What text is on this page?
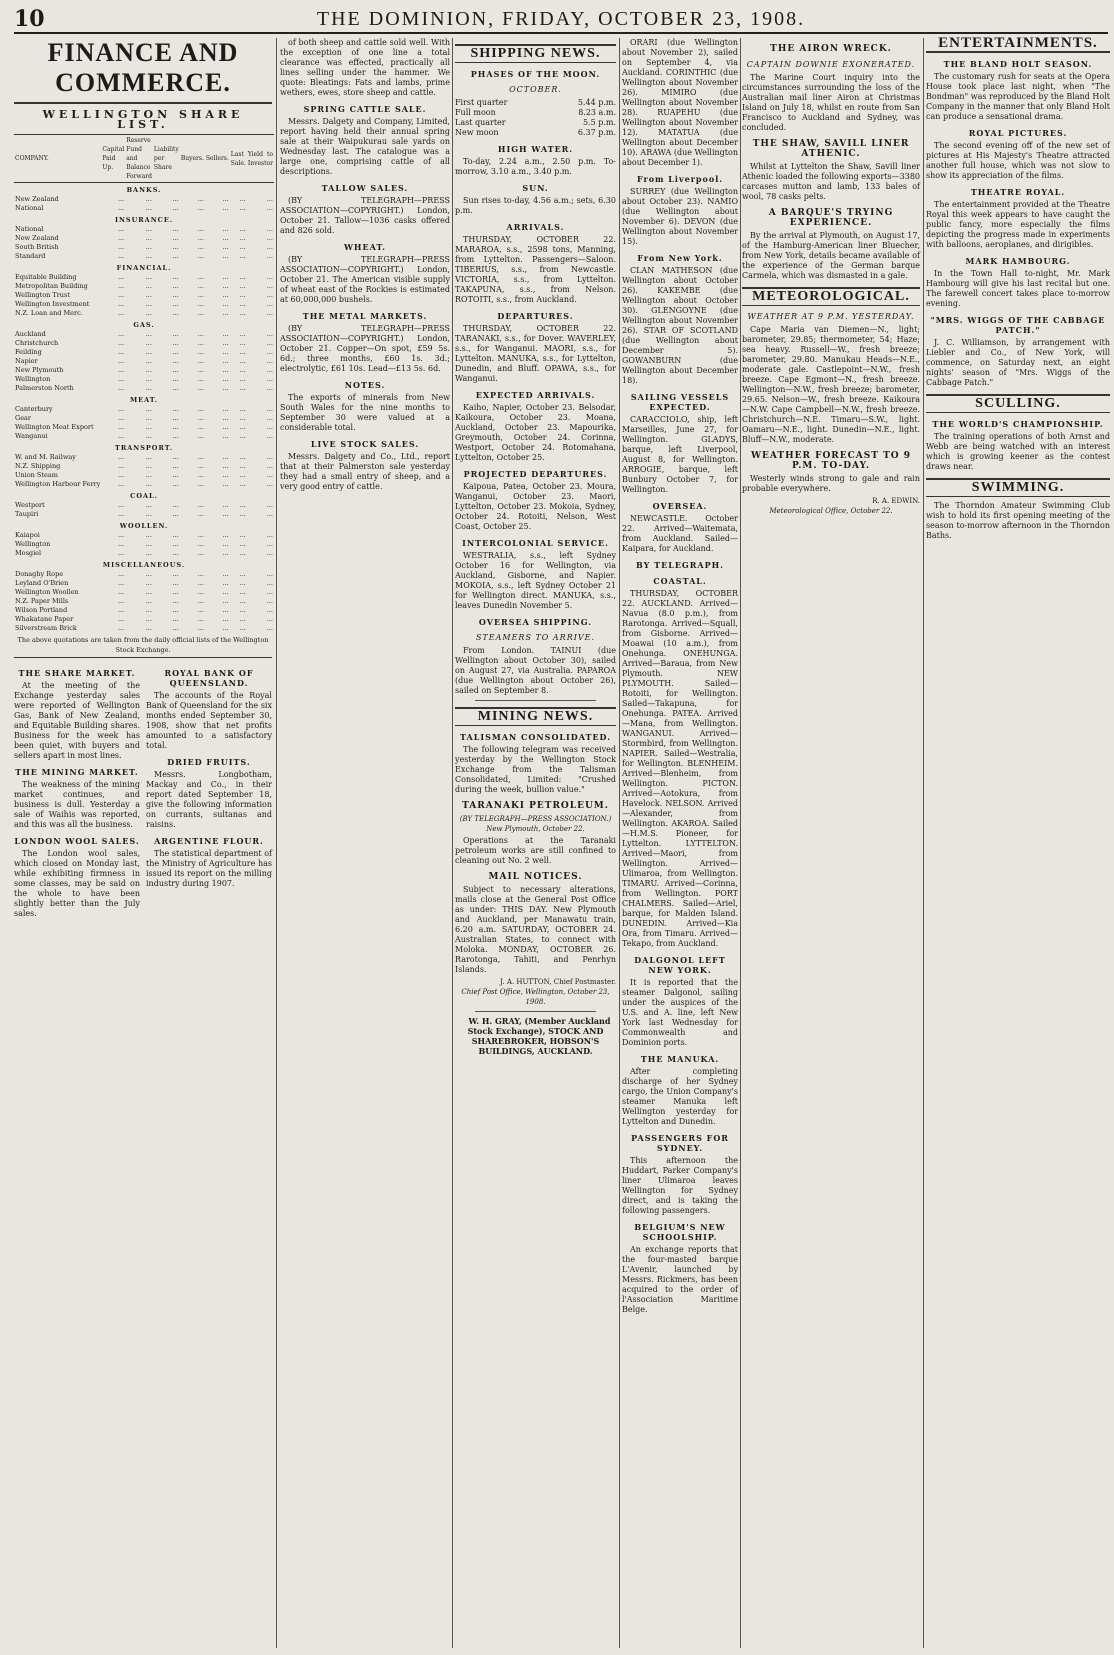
10	THE DOMINION, FRIDAY, OCTOBER 23, 1908.
FINANCE AND COMMERCE.
WELLINGTON SHARE LIST.
COMPANY.	Capital Paid Up.	Reserve Fund and Balance Forward	Liability per Share	Buyers.	Sellers.	Last Sale.	Yield to Investor
BANKS.							
New Zealand	...	...	...	...	...	...	...
National	...	...	...	...	...	...	...
INSURANCE.							
National	...	...	...	...	...	...	...
New Zealand	...	...	...	...	...	...	...
South British	...	...	...	...	...	...	...
Standard	...	...	...	...	...	...	...
FINANCIAL.							
Equitable Building	...	...	...	...	...	...	...
Metropolitan Building	...	...	...	...	...	...	...
Wellington Trust	...	...	...	...	...	...	...
Wellington Investment	...	...	...	...	...	...	...
N.Z. Loan and Merc.	...	...	...	...	...	...	...
GAS.							
Auckland	...	...	...	...	...	...	...
Christchurch	...	...	...	...	...	...	...
Feilding	...	...	...	...	...	...	...
Napier	...	...	...	...	...	...	...
New Plymouth	...	...	...	...	...	...	...
Wellington	...	...	...	...	...	...	...
Palmerston North	...	...	...	...	...	...	...
MEAT.							
Canterbury	...	...	...	...	...	...	...
Gear	...	...	...	...	...	...	...
Wellington Meat Export	...	...	...	...	...	...	...
Wanganui	...	...	...	...	...	...	...
TRANSPORT.							
W. and M. Railway	...	...	...	...	...	...	...
N.Z. Shipping	...	...	...	...	...	...	...
Union Steam	...	...	...	...	...	...	...
Wellington Harbour Ferry	...	...	...	...	...	...	...
COAL.							
Westport	...	...	...	...	...	...	...
Taupiri	...	...	...	...	...	...	...
WOOLLEN.							
Kaiapoi	...	...	...	...	...	...	...
Wellington	...	...	...	...	...	...	...
Mosgiel	...	...	...	...	...	...	...
MISCELLANEOUS.							
Donaghy Rope	...	...	...	...	...	...	...
Leyland O'Brien	...	...	...	...	...	...	...
Wellington Woollen	...	...	...	...	...	...	...
N.Z. Paper Mills	...	...	...	...	...	...	...
Wilson Portland	...	...	...	...	...	...	...
Whakatane Paper	...	...	...	...	...	...	...
Silverstream Brick	...	...	...	...	...	...	...
The above quotations are taken from the daily official lists of the Wellington Stock Exchange.
THE SHARE MARKET.
At the meeting of the Exchange yesterday sales were reported of Wellington Gas, Bank of New Zealand, and Equitable Building shares. Business for the week has been quiet, with buyers and sellers apart in most lines.
THE MINING MARKET.
The weakness of the mining market continues, and business is dull. Yesterday a sale of Waihis was reported, and this was all the business.
LONDON WOOL SALES.
The London wool sales, which closed on Monday last, while exhibiting firmness in some classes, may be said on the whole to have been slightly better than the July sales.
ROYAL BANK OF QUEENSLAND.
The accounts of the Royal Bank of Queensland for the six months ended September 30, 1908, show that net profits amounted to a satisfactory total.
DRIED FRUITS.
Messrs. Longbotham, Mackay and Co., in their report dated September 18, give the following information on currants, sultanas and raisins.
ARGENTINE FLOUR.
The statistical department of the Ministry of Agriculture has issued its report on the milling industry during 1907.
of both sheep and cattle sold well. With the exception of one line a total clearance was effected, practically all lines selling under the hammer. We quote: Bleatings: Fats and lambs, prime wethers, ewes, store sheep and cattle.
SPRING CATTLE SALE.
Messrs. Dalgety and Company, Limited, report having held their annual spring sale at their Waipukurau sale yards on Wednesday last. The catalogue was a large one, comprising cattle of all descriptions.
TALLOW SALES.
(BY TELEGRAPH—PRESS ASSOCIATION—COPYRIGHT.) London, October 21. Tallow—1036 casks offered and 826 sold.
WHEAT.
(BY TELEGRAPH—PRESS ASSOCIATION—COPYRIGHT.) London, October 21. The American visible supply of wheat east of the Rockies is estimated at 60,000,000 bushels.
THE METAL MARKETS.
(BY TELEGRAPH—PRESS ASSOCIATION—COPYRIGHT.) London, October 21. Copper—On spot, £59 5s. 6d.; three months, £60 1s. 3d.; electrolytic, £61 10s. Lead—£13 5s. 6d.
NOTES.
The exports of minerals from New South Wales for the nine months to September 30 were valued at a considerable total.
LIVE STOCK SALES.
Messrs. Dalgety and Co., Ltd., report that at their Palmerston sale yesterday they had a small entry of sheep, and a very good entry of cattle.
SHIPPING NEWS.
PHASES OF THE MOON.
OCTOBER.
First quarter	5.44 p.m.
Full moon	8.23 a.m.
Last quarter	5.5 p.m.
New moon	6.37 p.m.
HIGH WATER.
To-day, 2.24 a.m., 2.50 p.m. To-morrow, 3.10 a.m., 3.40 p.m.
SUN.
Sun rises to-day, 4.56 a.m.; sets, 6.30 p.m.
ARRIVALS.
THURSDAY, OCTOBER 22. MARAROA, s.s., 2598 tons, Manning, from Lyttelton. Passengers—Saloon. TIBERIUS, s.s., from Newcastle. VICTORIA, s.s., from Lyttelton. TAKAPUNA, s.s., from Nelson. ROTOITI, s.s., from Auckland.
DEPARTURES.
THURSDAY, OCTOBER 22. TARANAKI, s.s., for Dover. WAVERLEY, s.s., for Wanganui. MAORI, s.s., for Lyttelton. MANUKA, s.s., for Lyttelton, Dunedin, and Bluff. OPAWA, s.s., for Wanganui.
EXPECTED ARRIVALS.
Kaiho, Napier, October 23. Belsodar, Kaikoura, October 23. Moana, Auckland, October 23. Mapourika, Greymouth, October 24. Corinna, Westport, October 24. Rotomahana, Lyttelton, October 25.
PROJECTED DEPARTURES.
Kaipoua, Patea, October 23. Moura, Wanganui, October 23. Maori, Lyttelton, October 23. Mokoia, Sydney, October 24. Rotoiti, Nelson, West Coast, October 25.
INTERCOLONIAL SERVICE.
WESTRALIA, s.s., left Sydney October 16 for Wellington, via Auckland, Gisborne, and Napier. MOKOIA, s.s., left Sydney October 21 for Wellington direct. MANUKA, s.s., leaves Dunedin November 5.
OVERSEA SHIPPING.
STEAMERS TO ARRIVE.
From London. TAINUI (due Wellington about October 30), sailed on August 27, via Australia. PAPAROA (due Wellington about October 26), sailed on September 8.
MINING NEWS.
TALISMAN CONSOLIDATED.
The following telegram was received yesterday by the Wellington Stock Exchange from the Talisman Consolidated, Limited: "Crushed during the week, bullion value."
TARANAKI PETROLEUM.
(BY TELEGRAPH—PRESS ASSOCIATION.) New Plymouth, October 22.
Operations at the Taranaki petroleum works are still confined to cleaning out No. 2 well.
MAIL NOTICES.
Subject to necessary alterations, mails close at the General Post Office as under: THIS DAY. New Plymouth and Auckland, per Manawatu train, 6.20 a.m. SATURDAY, OCTOBER 24. Australian States, to connect with Moloka. MONDAY, OCTOBER 26. Rarotonga, Tahiti, and Penrhyn Islands.
J. A. HUTTON, Chief Postmaster.
Chief Post Office, Wellington, October 23, 1908.
W. H. GRAY, (Member Auckland Stock Exchange), STOCK AND SHAREBROKER, HOBSON'S BUILDINGS, AUCKLAND.
ORARI (due Wellington about November 2), sailed on September 4, via Auckland. CORINTHIC (due Wellington about November 26). MIMIRO (due Wellington about November 28). RUAPEHU (due Wellington about November 12). MATATUA (due Wellington about December 10). ARAWA (due Wellington about December 1).
From Liverpool.
SURREY (due Wellington about October 23). NAMIO (due Wellington about November 6). DEVON (due Wellington about November 15).
From New York.
CLAN MATHESON (due Wellington about October 26). KAKEMBE (due Wellington about October 30). GLENGOYNE (due Wellington about November 26). STAR OF SCOTLAND (due Wellington about December 5). GOWANBURN (due Wellington about December 18).
SAILING VESSELS EXPECTED.
CARACCIOLO, ship, left Marseilles, June 27, for Wellington. GLADYS, barque, left Liverpool, August 8, for Wellington. ARROGIE, barque, left Bunbury October 7, for Wellington.
OVERSEA.
NEWCASTLE. October 22. Arrived—Waitemata, from Auckland. Sailed—Kaipara, for Auckland.
BY TELEGRAPH.
COASTAL.
THURSDAY, OCTOBER 22. AUCKLAND. Arrived—Navua (8.0 p.m.), from Rarotonga. Arrived—Squall, from Gisborne. Arrived—Moawai (10 a.m.), from Onehunga. ONEHUNGA. Arrived—Baraua, from New Plymouth. NEW PLYMOUTH. Sailed—Rotoiti, for Wellington. Sailed—Takapuna, for Onehunga. PATEA. Arrived—Mana, from Wellington. WANGANUI. Arrived—Stormbird, from Wellington. NAPIER. Sailed—Westralia, for Wellington. BLENHEIM. Arrived—Blenheim, from Wellington. PICTON. Arrived—Aotokura, from Havelock. NELSON. Arrived—Alexander, from Wellington. AKAROA. Sailed—H.M.S. Pioneer, for Lyttelton. LYTTELTON. Arrived—Maori, from Wellington. Arrived—Ulimaroa, from Wellington. TIMARU. Arrived—Corinna, from Wellington. PORT CHALMERS. Sailed—Ariel, barque, for Malden Island. DUNEDIN. Arrived—Kia Ora, from Timaru. Arrived—Tekapo, from Auckland.
DALGONOL LEFT NEW YORK.
It is reported that the steamer Dalgonol, sailing under the auspices of the U.S. and A. line, left New York last Wednesday for Commonwealth and Dominion ports.
THE MANUKA.
After completing discharge of her Sydney cargo, the Union Company's steamer Manuka left Wellington yesterday for Lyttelton and Dunedin.
PASSENGERS FOR SYDNEY.
This afternoon the Huddart, Parker Company's liner Ulimaroa leaves Wellington for Sydney direct, and is taking the following passengers.
BELGIUM'S NEW SCHOOLSHIP.
An exchange reports that the four-masted barque L'Avenir, launched by Messrs. Rickmers, has been acquired to the order of l'Association Maritime Belge.
THE AIRON WRECK.
CAPTAIN DOWNIE EXONERATED.
The Marine Court inquiry into the circumstances surrounding the loss of the Australian mail liner Airon at Christmas Island on July 18, whilst en route from San Francisco to Auckland and Sydney, was concluded.
THE SHAW, SAVILL LINER ATHENIC.
Whilst at Lyttelton the Shaw, Savill liner Athenic loaded the following exports—3380 carcases mutton and lamb, 133 bales of wool, 78 casks pelts.
A BARQUE'S TRYING EXPERIENCE.
By the arrival at Plymouth, on August 17, of the Hamburg-American liner Bluecher, from New York, details became available of the experience of the German barque Carmela, which was dismasted in a gale.
METEOROLOGICAL.
WEATHER AT 9 P.M. YESTERDAY.
Cape Maria van Diemen—N., light; barometer, 29.85; thermometer, 54; Haze; sea heavy. Russell—W., fresh breeze; barometer, 29.80. Manukau Heads—N.E., moderate gale. Castlepoint—N.W., fresh breeze. Cape Egmont—N., fresh breeze. Wellington—N.W., fresh breeze; barometer, 29.65. Nelson—W., fresh breeze. Kaikoura—N.W. Cape Campbell—N.W., fresh breeze. Christchurch—N.E. Timaru—S.W., light. Oamaru—N.E., light. Dunedin—N.E., light. Bluff—N.W., moderate.
WEATHER FORECAST TO 9 P.M. TO-DAY.
Westerly winds strong to gale and rain probable everywhere.
R. A. EDWIN.
Meteorological Office, October 22.
ENTERTAINMENTS.
THE BLAND HOLT SEASON.
The customary rush for seats at the Opera House took place last night, when "The Bondman" was reproduced by the Bland Holt Company in the manner that only Bland Holt can produce a sensational drama.
ROYAL PICTURES.
The second evening off of the new set of pictures at His Majesty's Theatre attracted another full house, which was not slow to show its appreciation of the films.
THEATRE ROYAL.
The entertainment provided at the Theatre Royal this week appears to have caught the public fancy, more especially the films depicting the progress made in experiments with balloons, aeroplanes, and dirigibles.
MARK HAMBOURG.
In the Town Hall to-night, Mr. Mark Hambourg will give his last recital but one. The farewell concert takes place to-morrow evening.
"MRS. WIGGS OF THE CABBAGE PATCH."
J. C. Williamson, by arrangement with Liebler and Co., of New York, will commence, on Saturday next, an eight nights' season of "Mrs. Wiggs of the Cabbage Patch."
SCULLING.
THE WORLD'S CHAMPIONSHIP.
The training operations of both Arnst and Webb are being watched with an interest which is growing keener as the contest draws near.
SWIMMING.
The Thorndon Amateur Swimming Club wish to hold its first opening meeting of the season to-morrow afternoon in the Thorndon Baths.
